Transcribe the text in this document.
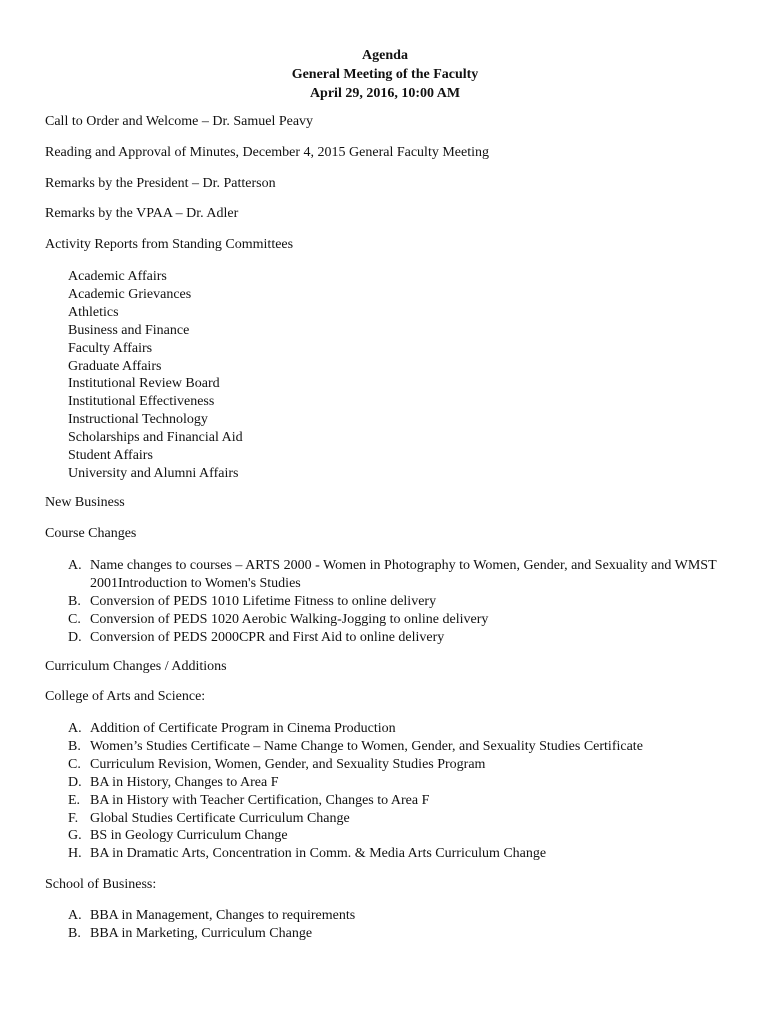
Agenda
General Meeting of the Faculty
April 29, 2016, 10:00 AM
Call to Order and Welcome – Dr. Samuel Peavy
Reading and Approval of Minutes, December 4, 2015 General Faculty Meeting
Remarks by the President – Dr. Patterson
Remarks by the VPAA – Dr. Adler
Activity Reports from Standing Committees
Academic Affairs
Academic Grievances
Athletics
Business and Finance
Faculty Affairs
Graduate Affairs
Institutional Review Board
Institutional Effectiveness
Instructional Technology
Scholarships and Financial Aid
Student Affairs
University and Alumni Affairs
New Business
Course Changes
A. Name changes to courses – ARTS 2000 - Women in Photography to Women, Gender, and Sexuality and WMST 2001Introduction to Women's Studies
B. Conversion of PEDS 1010 Lifetime Fitness to online delivery
C. Conversion of PEDS 1020 Aerobic Walking-Jogging to online delivery
D. Conversion of PEDS 2000CPR and First Aid to online delivery
Curriculum Changes / Additions
College of Arts and Science:
A. Addition of Certificate Program in Cinema Production
B. Women’s Studies Certificate – Name Change to Women, Gender, and Sexuality Studies Certificate
C. Curriculum Revision, Women, Gender, and Sexuality Studies Program
D. BA in History, Changes to Area F
E. BA in History with Teacher Certification, Changes to Area F
F. Global Studies Certificate Curriculum Change
G. BS in Geology Curriculum Change
H. BA in Dramatic Arts, Concentration in Comm. & Media Arts Curriculum Change
School of Business:
A. BBA in Management, Changes to requirements
B. BBA in Marketing, Curriculum Change
